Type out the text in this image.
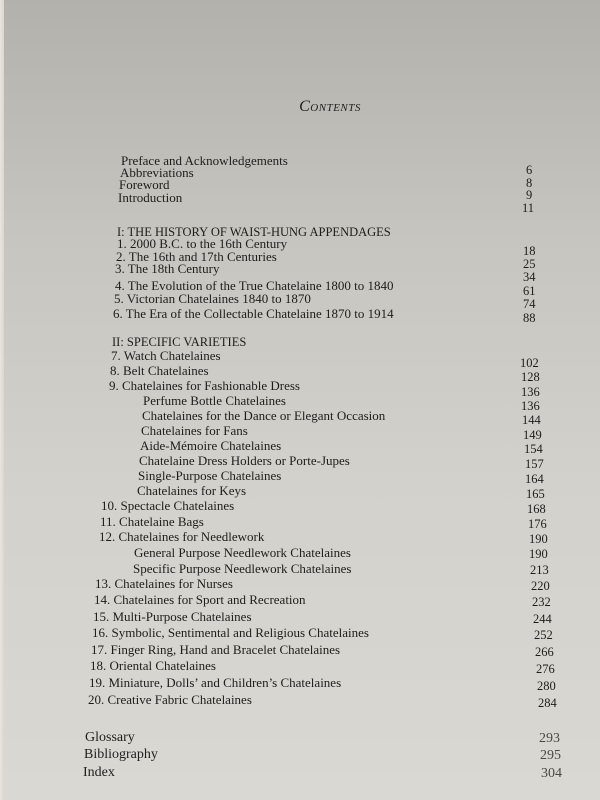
Contents
Preface and Acknowledgements
Abbreviations
Foreword
Introduction
6
8
9
11
I: THE HISTORY OF WAIST-HUNG APPENDAGES
1. 2000 B.C. to the 16th Century
2. The 16th and 17th Centuries
3. The 18th Century
4. The Evolution of the True Chatelaine 1800 to 1840
5. Victorian Chatelaines 1840 to 1870
6. The Era of the Collectable Chatelaine 1870 to 1914
18
25
34
61
74
88
II: SPECIFIC VARIETIES
7. Watch Chatelaines
8. Belt Chatelaines
9. Chatelaines for Fashionable Dress
Perfume Bottle Chatelaines
Chatelaines for the Dance or Elegant Occasion
Chatelaines for Fans
Aide-Mémoire Chatelaines
Chatelaine Dress Holders or Porte-Jupes
Single-Purpose Chatelaines
Chatelaines for Keys
10. Spectacle Chatelaines
11. Chatelaine Bags
12. Chatelaines for Needlework
General Purpose Needlework Chatelaines
Specific Purpose Needlework Chatelaines
13. Chatelaines for Nurses
14. Chatelaines for Sport and Recreation
15. Multi-Purpose Chatelaines
16. Symbolic, Sentimental and Religious Chatelaines
17. Finger Ring, Hand and Bracelet Chatelaines
18. Oriental Chatelaines
19. Miniature, Dolls’ and Children’s Chatelaines
20. Creative Fabric Chatelaines
102
128
136
136
144
149
154
157
164
165
168
176
190
190
213
220
232
244
252
266
276
280
284
Glossary
Bibliography
Index
293
295
304
